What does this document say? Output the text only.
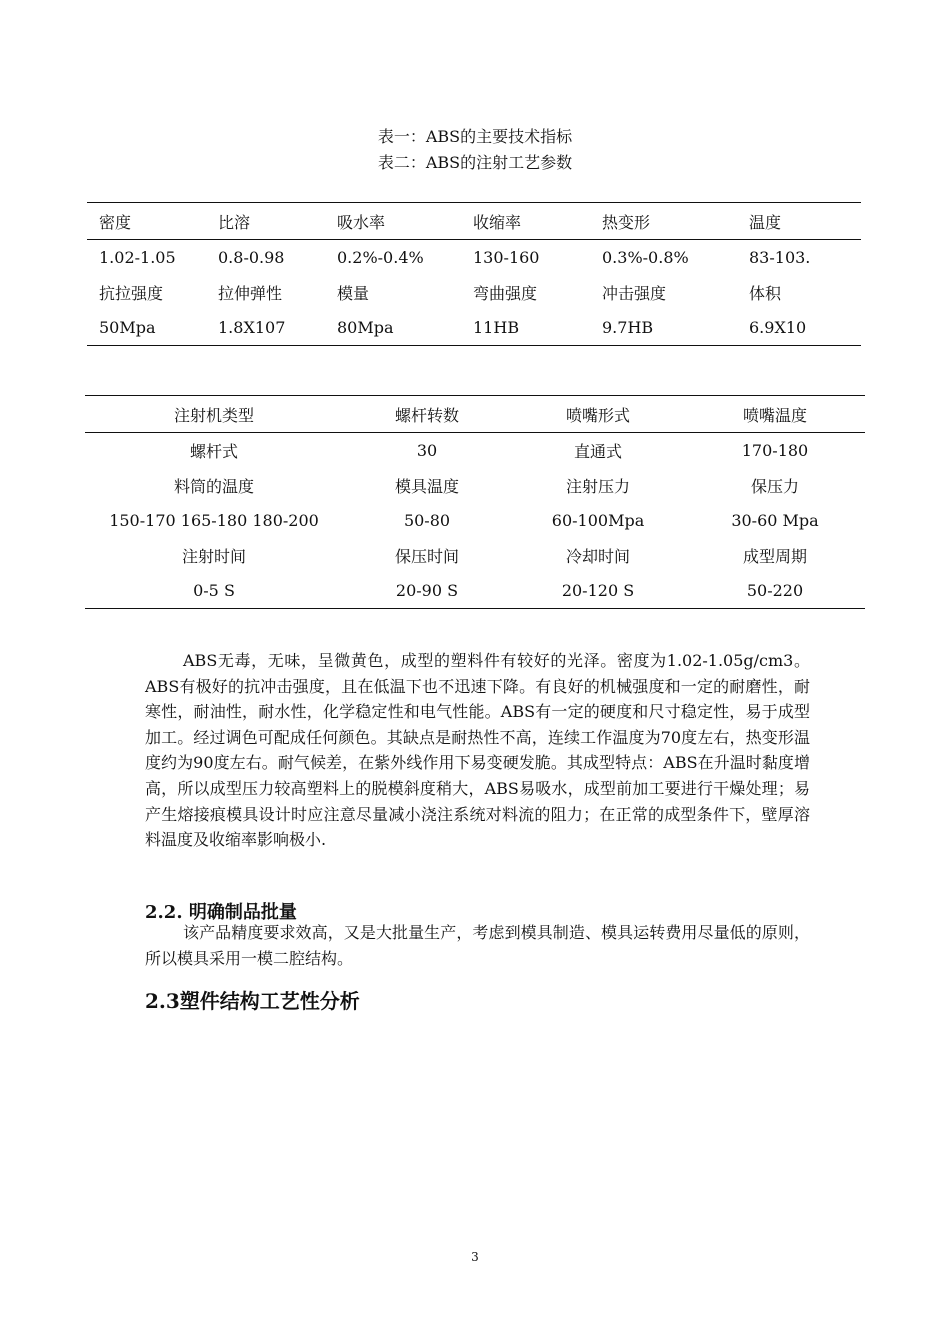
表一：ABS的主要技术指标
表二：ABS的注射工艺参数
密度	比溶	吸水率	收缩率	热变形	温度
1.02-1.05	0.8-0.98	0.2%-0.4%	130-160	0.3%-0.8%	83-103.
抗拉强度	拉伸弹性	模量	弯曲强度	冲击强度	体积
50Mpa	1.8X107	80Mpa	11HB	9.7HB	6.9X10
注射机类型	螺杆转数	喷嘴形式	喷嘴温度
螺杆式	30	直通式	170-180
料筒的温度	模具温度	注射压力	保压力
150-170 165-180 180-200	50-80	60-100Mpa	30-60 Mpa
注射时间	保压时间	冷却时间	成型周期
0-5 S	20-90 S	20-120 S	50-220
ABS无毒，无味，呈微黄色，成型的塑料件有较好的光泽。密度为1.02-1.05g/cm3。ABS有极好的抗冲击强度，且在低温下也不迅速下降。有良好的机械强度和一定的耐磨性，耐寒性，耐油性，耐水性，化学稳定性和电气性能。ABS有一定的硬度和尺寸稳定性，易于成型加工。经过调色可配成任何颜色。其缺点是耐热性不高，连续工作温度为70度左右，热变形温度约为90度左右。耐气候差，在紫外线作用下易变硬发脆。其成型特点：ABS在升温时黏度增高，所以成型压力较高塑料上的脱模斜度稍大，ABS易吸水，成型前加工要进行干燥处理；易产生熔接痕模具设计时应注意尽量减小浇注系统对料流的阻力；在正常的成型条件下，壁厚溶料温度及收缩率影响极小.
2.2. 明确制品批量
该产品精度要求效高，又是大批量生产，考虑到模具制造、模具运转费用尽量低的原则，所以模具采用一模二腔结构。
2.3塑件结构工艺性分析
3
